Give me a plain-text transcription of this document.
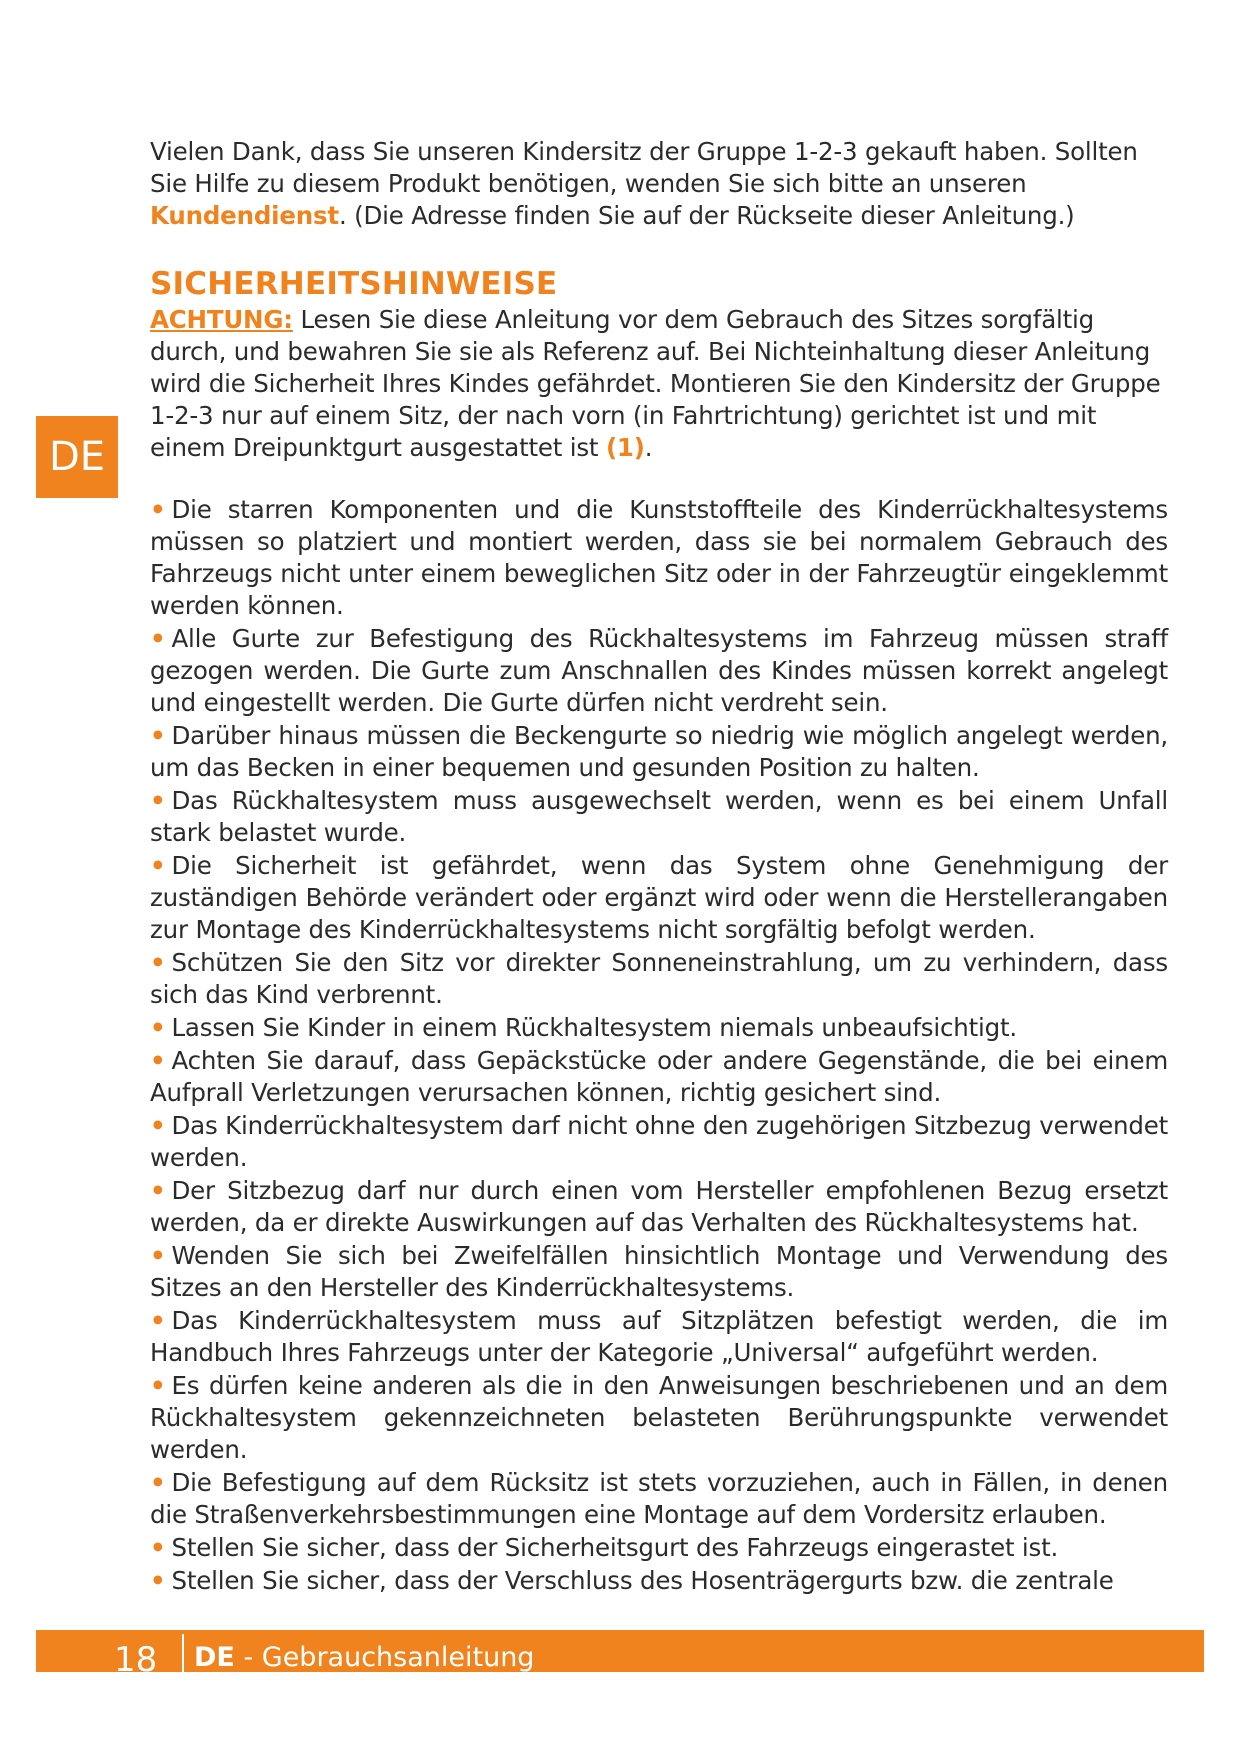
DE

Vielen Dank, dass Sie unseren Kindersitz der Gruppe 1-2-3 gekauft haben. Sollten Sie Hilfe zu diesem Produkt benötigen, wenden Sie sich bitte an unseren Kundendienst. (Die Adresse finden Sie auf der Rückseite dieser Anleitung.)

SICHERHEITSHINWEISE

ACHTUNG: Lesen Sie diese Anleitung vor dem Gebrauch des Sitzes sorgfältig durch, und bewahren Sie sie als Referenz auf. Bei Nichteinhaltung dieser Anleitung wird die Sicherheit Ihres Kindes gefährdet. Montieren Sie den Kindersitz der Gruppe 1-2-3 nur auf einem Sitz, der nach vorn (in Fahrtrichtung) gerichtet ist und mit einem Dreipunktgurt ausgestattet ist (1).

• Die starren Komponenten und die Kunststoffteile des Kinderrückhaltesystems müssen so platziert und montiert werden, dass sie bei normalem Gebrauch des Fahrzeugs nicht unter einem beweglichen Sitz oder in der Fahrzeugtür eingeklemmt werden können.
• Alle Gurte zur Befestigung des Rückhaltesystems im Fahrzeug müssen straff gezogen werden. Die Gurte zum Anschnallen des Kindes müssen korrekt angelegt und eingestellt werden. Die Gurte dürfen nicht verdreht sein.
• Darüber hinaus müssen die Beckengurte so niedrig wie möglich angelegt werden, um das Becken in einer bequemen und gesunden Position zu halten.
• Das Rückhaltesystem muss ausgewechselt werden, wenn es bei einem Unfall stark belastet wurde.
• Die Sicherheit ist gefährdet, wenn das System ohne Genehmigung der zuständigen Behörde verändert oder ergänzt wird oder wenn die Herstellerangaben zur Montage des Kinderrückhaltesystems nicht sorgfältig befolgt werden.
• Schützen Sie den Sitz vor direkter Sonneneinstrahlung, um zu verhindern, dass sich das Kind verbrennt.
• Lassen Sie Kinder in einem Rückhaltesystem niemals unbeaufsichtigt.
• Achten Sie darauf, dass Gepäckstücke oder andere Gegenstände, die bei einem Aufprall Verletzungen verursachen können, richtig gesichert sind.
• Das Kinderrückhaltesystem darf nicht ohne den zugehörigen Sitzbezug verwendet werden.
• Der Sitzbezug darf nur durch einen vom Hersteller empfohlenen Bezug ersetzt werden, da er direkte Auswirkungen auf das Verhalten des Rückhaltesystems hat.
• Wenden Sie sich bei Zweifelfällen hinsichtlich Montage und Verwendung des Sitzes an den Hersteller des Kinderrückhaltesystems.
• Das Kinderrückhaltesystem muss auf Sitzplätzen befestigt werden, die im Handbuch Ihres Fahrzeugs unter der Kategorie „Universal“ aufgeführt werden.
• Es dürfen keine anderen als die in den Anweisungen beschriebenen und an dem Rückhaltesystem gekennzeichneten belasteten Berührungspunkte verwendet werden.
• Die Befestigung auf dem Rücksitz ist stets vorzuziehen, auch in Fällen, in denen die Straßenverkehrsbestimmungen eine Montage auf dem Vordersitz erlauben.
• Stellen Sie sicher, dass der Sicherheitsgurt des Fahrzeugs eingerastet ist.
• Stellen Sie sicher, dass der Verschluss des Hosenträgergurts bzw. die zentrale
18 DE - Gebrauchsanleitung
